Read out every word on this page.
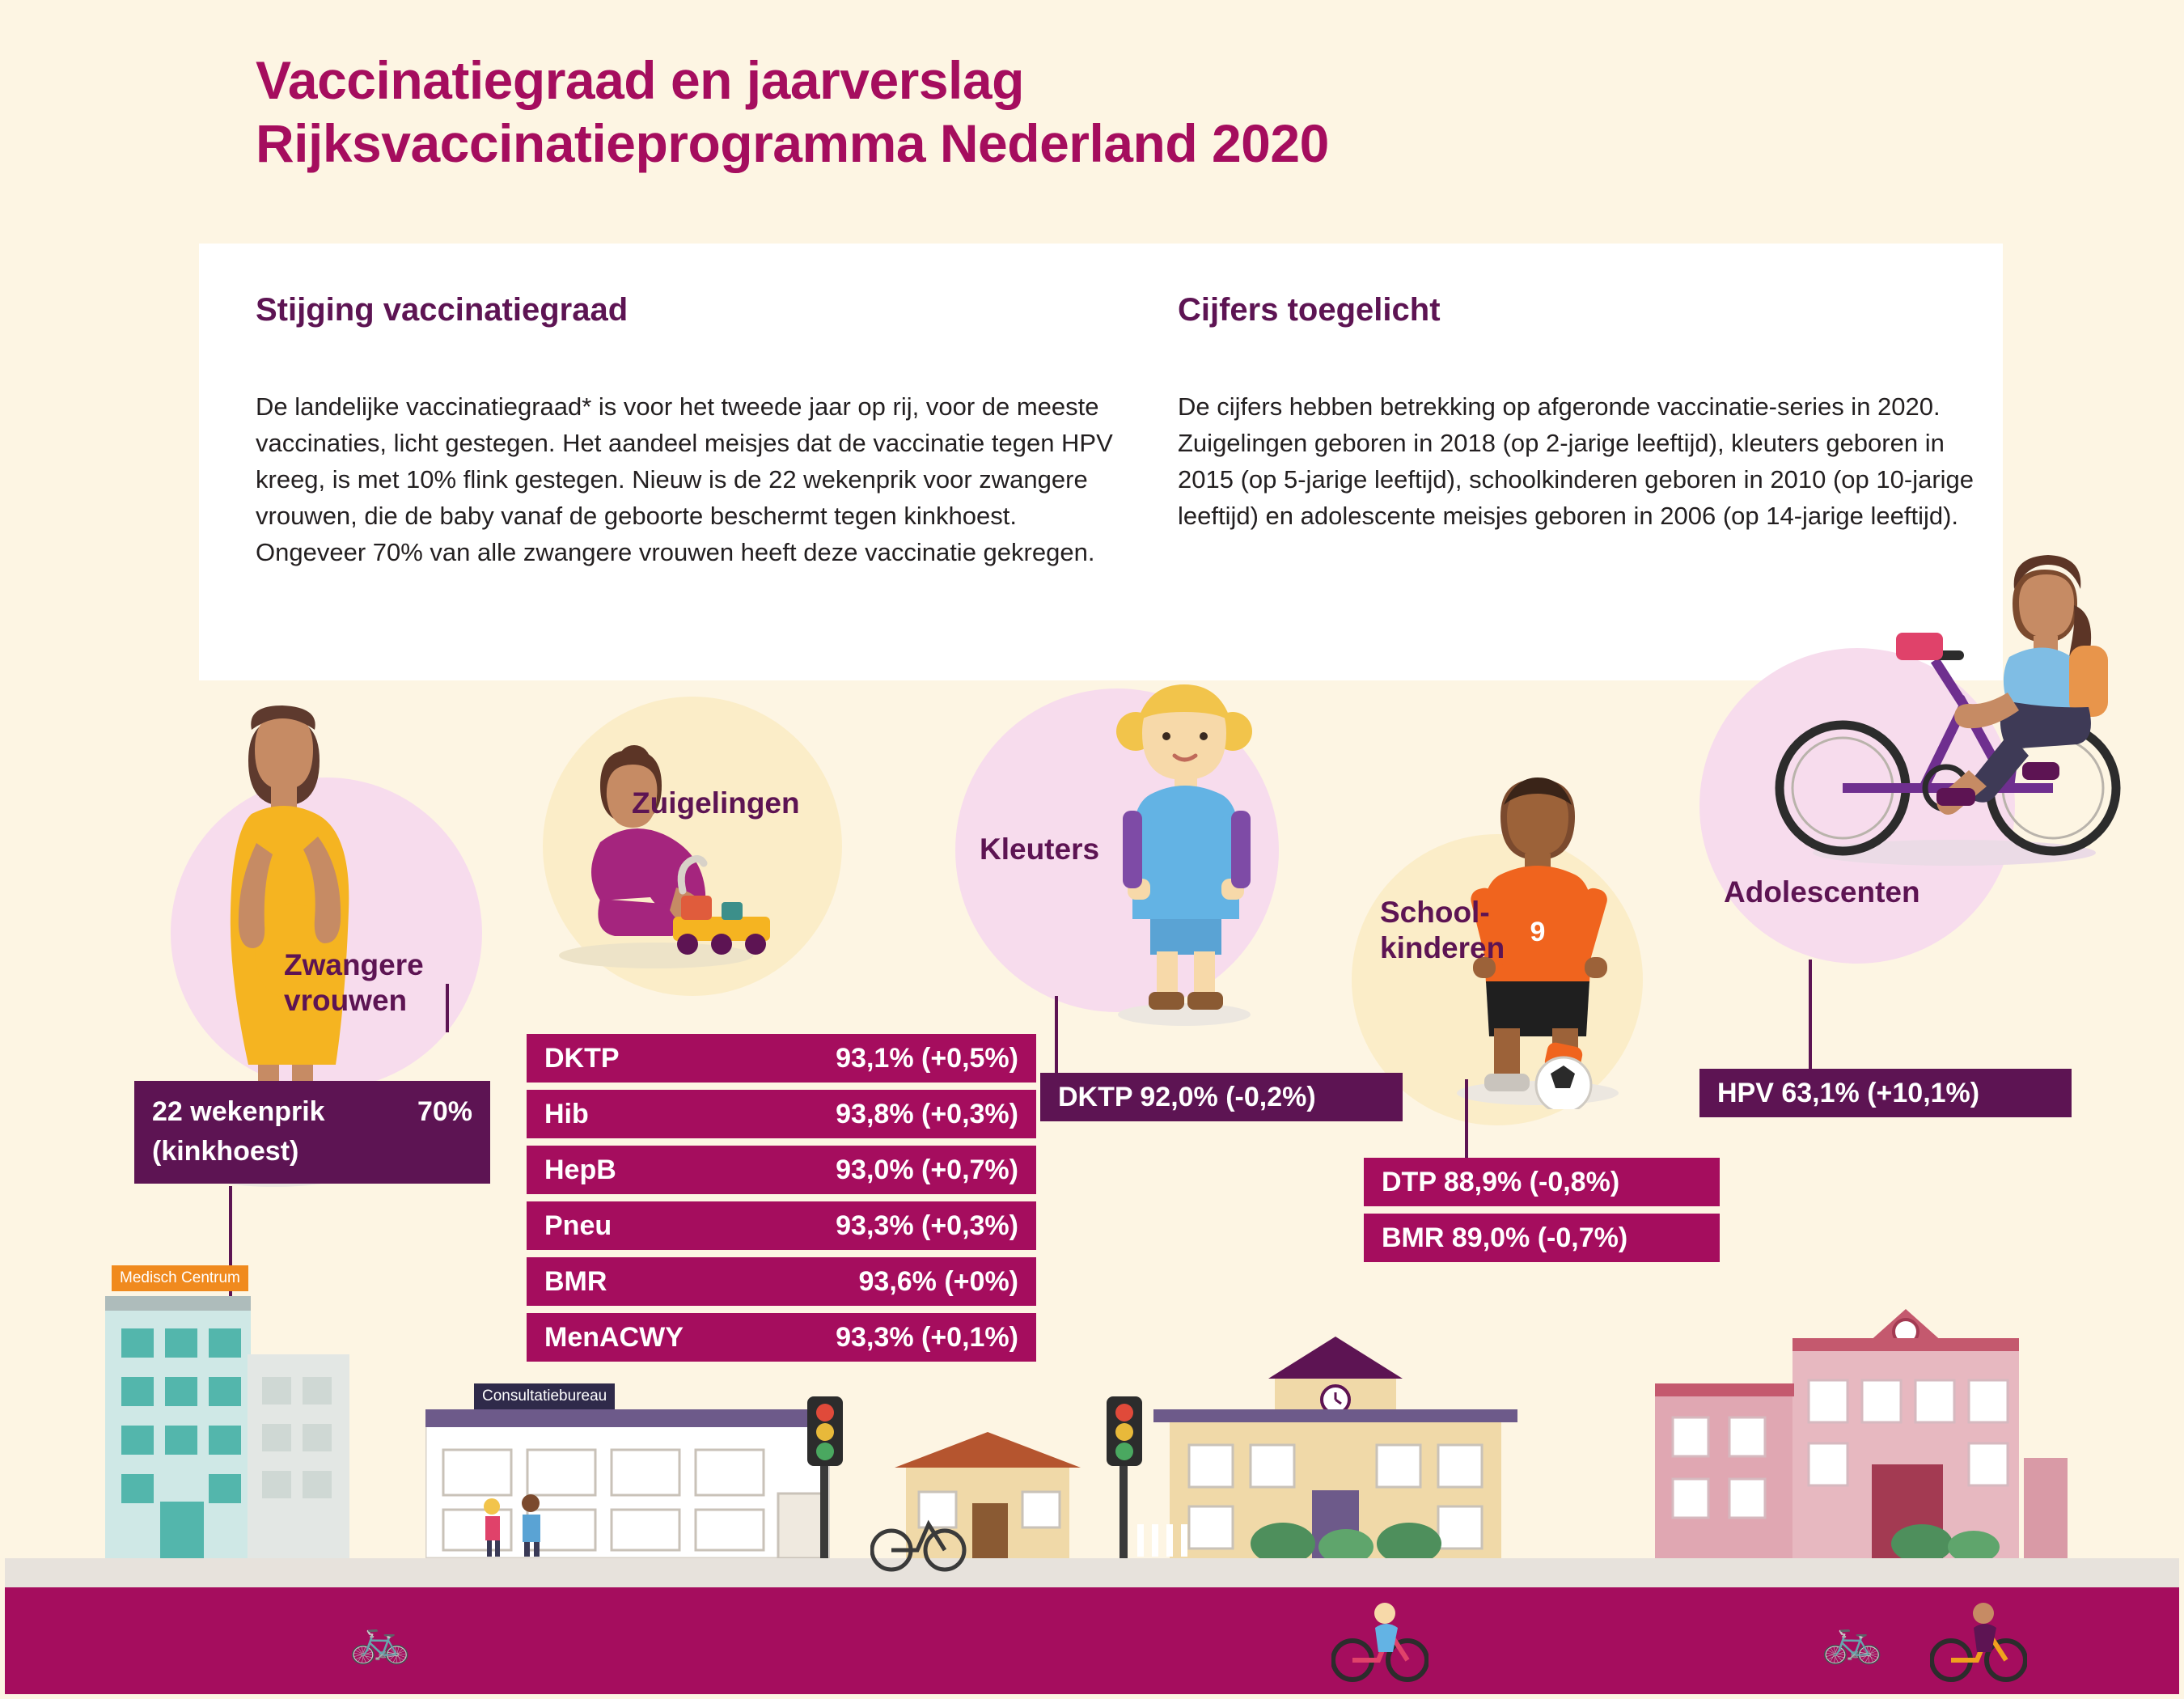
Vaccinatiegraad en jaarverslag
Rijksvaccinatieprogramma Nederland 2020
Stijging vaccinatiegraad
De landelijke vaccinatiegraad* is voor het tweede jaar op rij, voor de meeste vaccinaties, licht gestegen. Het aandeel meisjes dat de vaccinatie tegen HPV kreeg, is met 10% flink gestegen. Nieuw is de 22 wekenprik voor zwangere vrouwen, die de baby vanaf de geboorte beschermt tegen kinkhoest. Ongeveer 70% van alle zwangere vrouwen heeft deze vaccinatie gekregen.
Cijfers toegelicht
De cijfers hebben betrekking op afgeronde vaccinatie-series in 2020. Zuigelingen geboren in 2018 (op 2-jarige leeftijd), kleuters geboren in 2015 (op 5-jarige leeftijd), schoolkinderen geboren in 2010 (op 10-jarige leeftijd) en adolescente meisjes geboren in 2006 (op 14-jarige leeftijd).
9
Zwangere
vrouwen
Zuigelingen
Kleuters
School-
kinderen
Adolescenten
22 wekenprik	70%
(kinkhoest)
DKTP	93,1% (+0,5%)
Hib	93,8% (+0,3%)
HepB	93,0% (+0,7%)
Pneu	93,3% (+0,3%)
BMR	93,6% (+0%)
MenACWY	93,3% (+0,1%)
DKTP 92,0% (-0,2%)
DTP 88,9% (-0,8%)
BMR 89,0% (-0,7%)
HPV 63,1% (+10,1%)
🚲	🚲
Medisch Centrum
Consultatiebureau
